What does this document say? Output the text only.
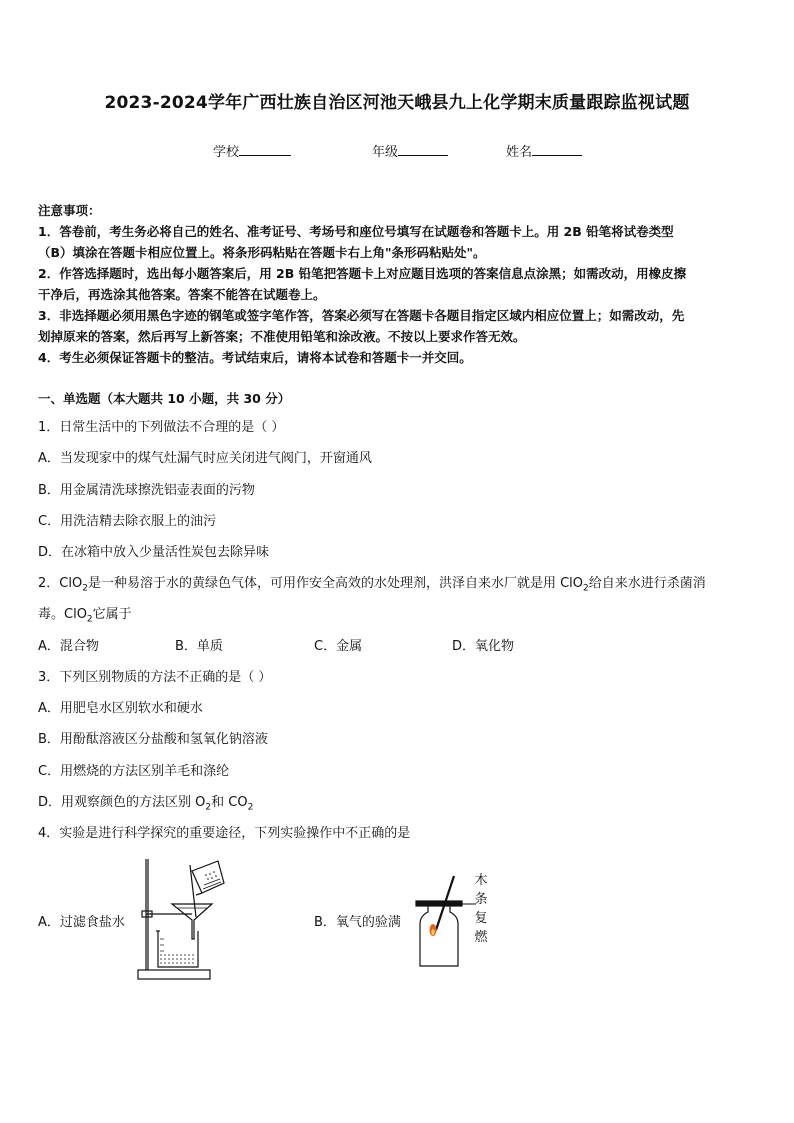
2023-2024学年广西壮族自治区河池天峨县九上化学期末质量跟踪监视试题
学校	年级	姓名
注意事项：
1．答卷前，考生务必将自己的姓名、准考证号、考场号和座位号填写在试题卷和答题卡上。用 2B 铅笔将试卷类型
（B）填涂在答题卡相应位置上。将条形码粘贴在答题卡右上角"条形码粘贴处"。
2．作答选择题时，选出每小题答案后，用 2B 铅笔把答题卡上对应题目选项的答案信息点涂黑；如需改动，用橡皮擦
干净后，再选涂其他答案。答案不能答在试题卷上。
3．非选择题必须用黑色字迹的钢笔或签字笔作答，答案必须写在答题卡各题目指定区域内相应位置上；如需改动，先
划掉原来的答案，然后再写上新答案；不准使用铅笔和涂改液。不按以上要求作答无效。
4．考生必须保证答题卡的整洁。考试结束后，请将本试卷和答题卡一并交回。
一、单选题（本大题共 10 小题，共 30 分）
1．日常生活中的下列做法不合理的是（ ）
A．当发现家中的煤气灶漏气时应关闭进气阀门，开窗通风
B．用金属清洗球擦洗铝壶表面的污物
C．用洗洁精去除衣服上的油污
D．在冰箱中放入少量活性炭包去除异味
2．ClO$_2$是一种易溶于水的黄绿色气体，可用作安全高效的水处理剂，洪泽自来水厂就是用 ClO$_2$给自来水进行杀菌消
毒。ClO$_2$它属于
A．混合物	B．单质	C．金属	D．氧化物
3．下列区别物质的方法不正确的是（ ）
A．用肥皂水区别软水和硬水
B．用酚酞溶液区分盐酸和氢氧化钠溶液
C．用燃烧的方法区别羊毛和涤纶
D．用观察颜色的方法区别 $O_2$和 $CO_2$
4．实验是进行科学探究的重要途径，下列实验操作中不正确的是
A．过滤食盐水	B．氧气的验满
木
条
复
燃
